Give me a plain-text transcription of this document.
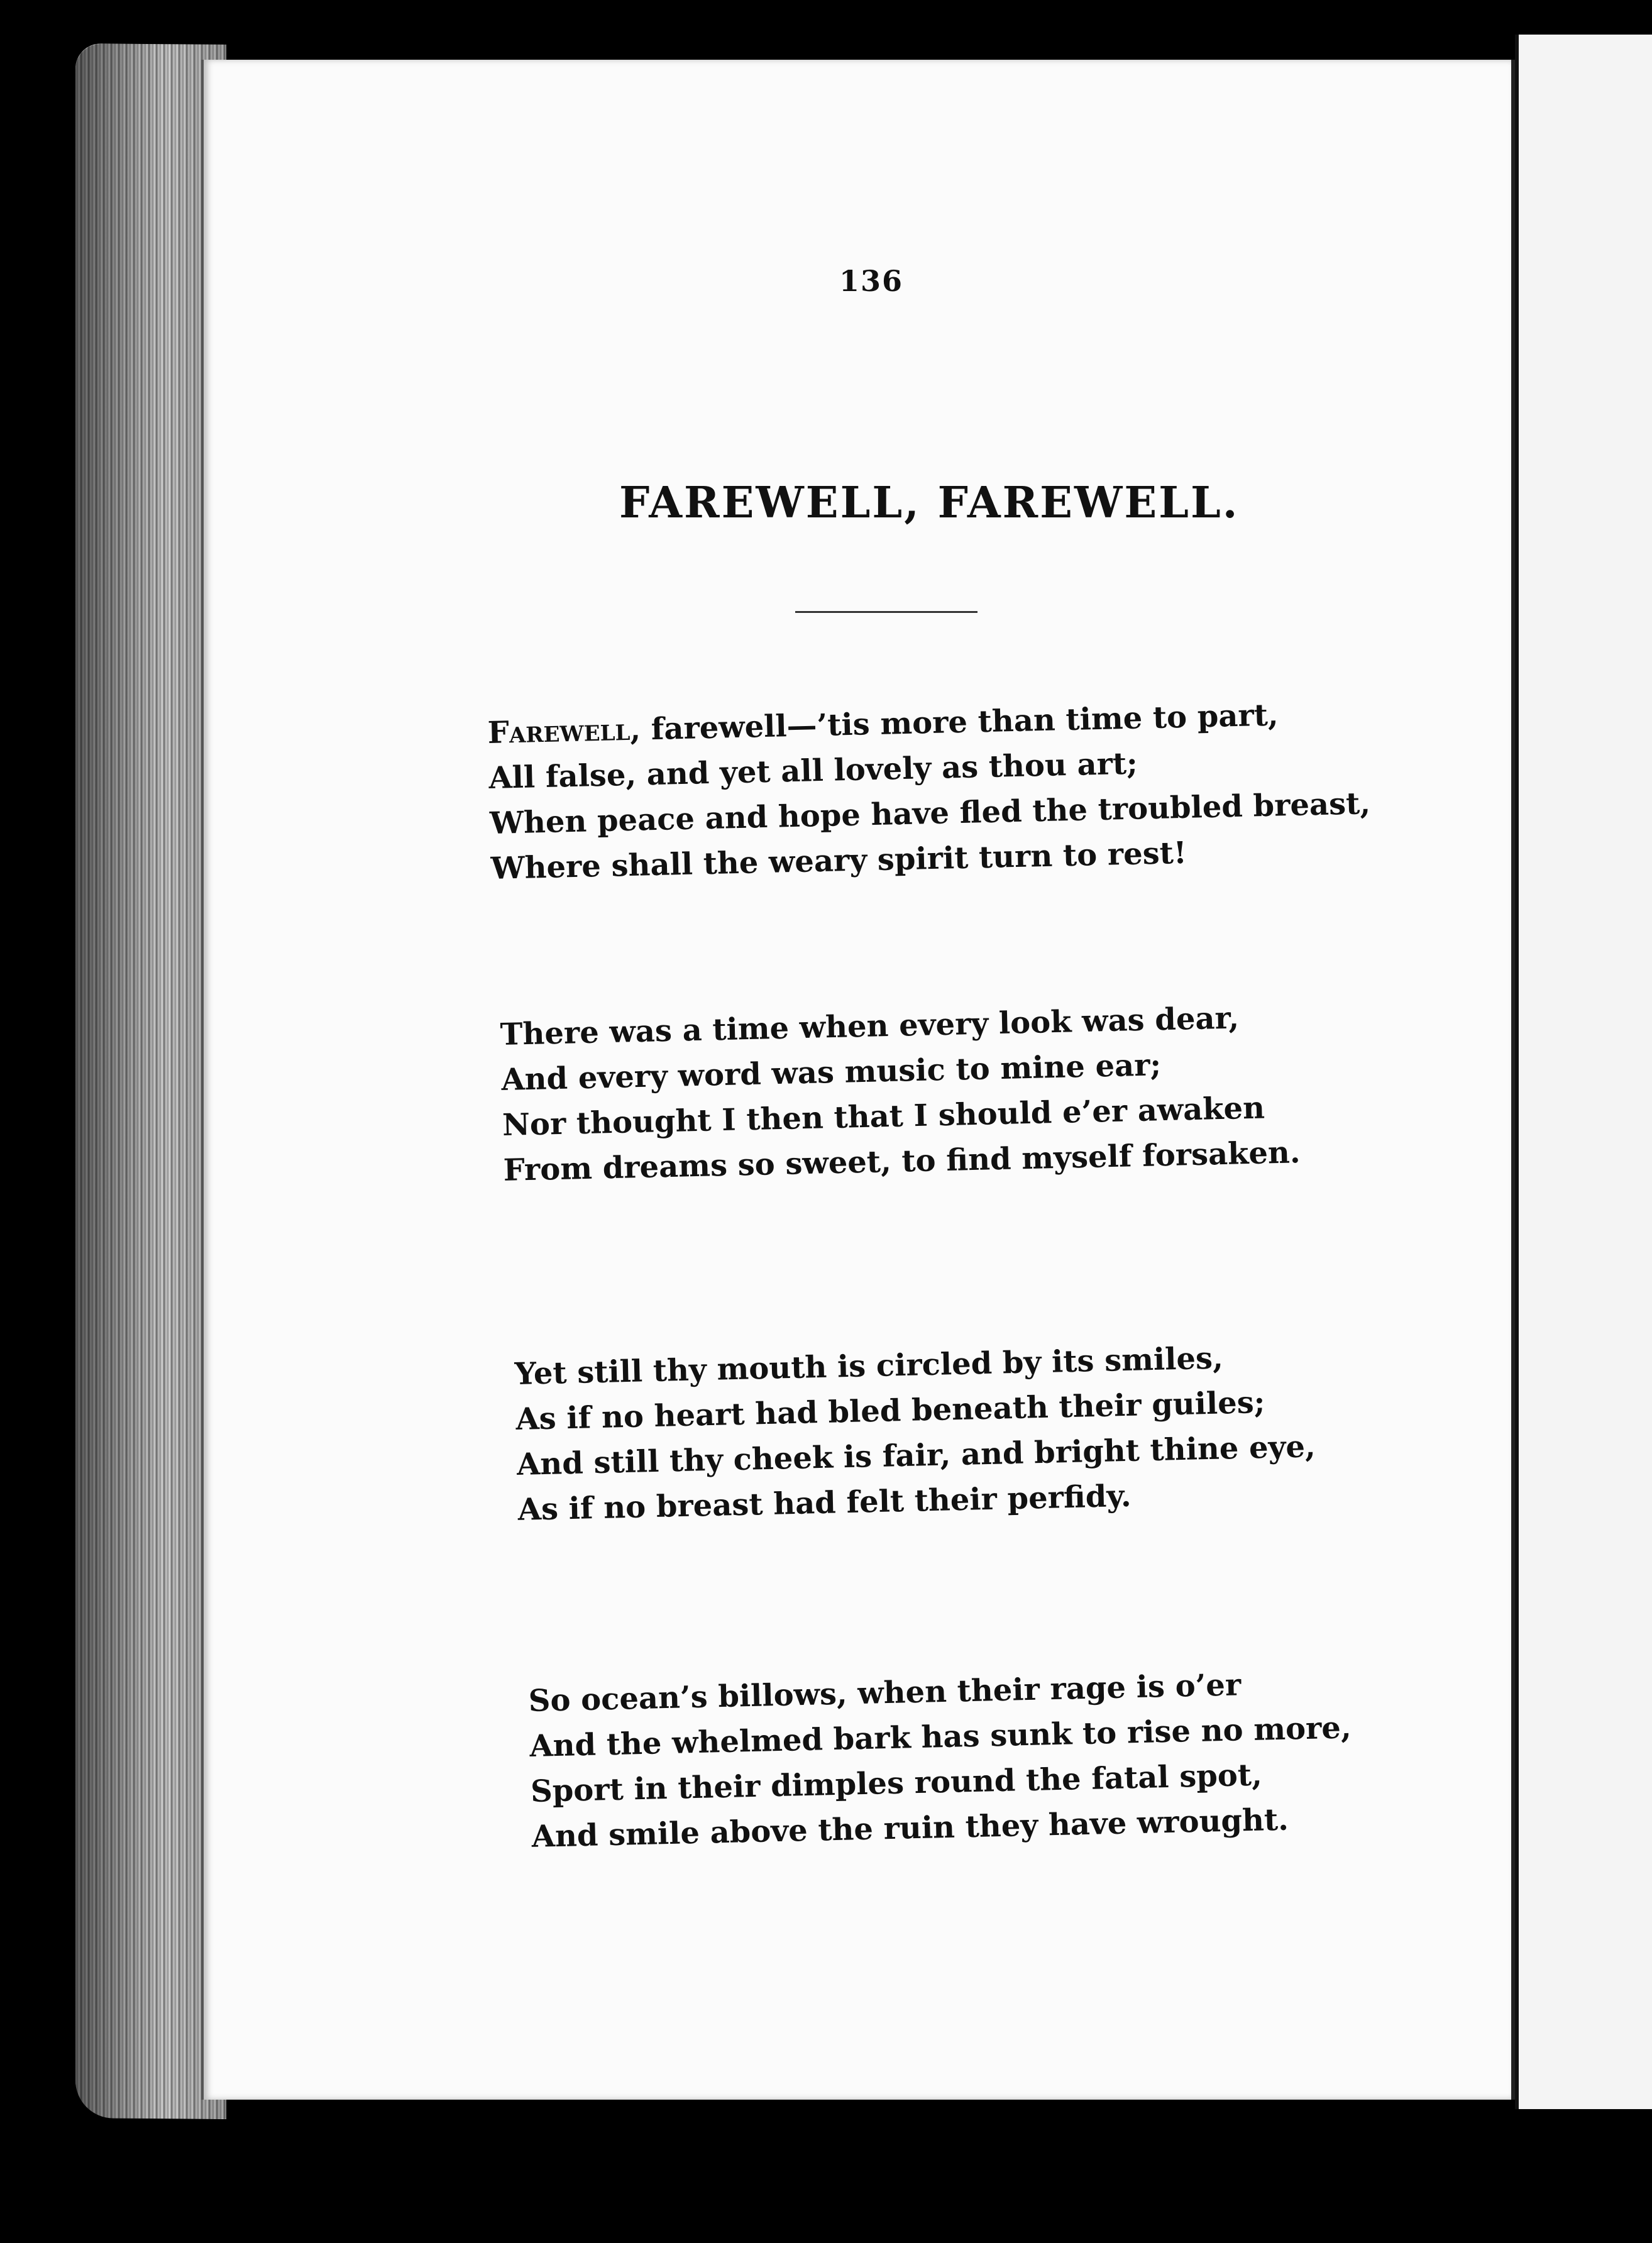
136
FAREWELL, FAREWELL.
Farewell, farewell—’tis more than time to part,
All false, and yet all lovely as thou art;
When peace and hope have fled the troubled breast,
Where shall the weary spirit turn to rest!
There was a time when every look was dear,
And every word was music to mine ear;
Nor thought I then that I should e’er awaken
From dreams so sweet, to find myself forsaken.
Yet still thy mouth is circled by its smiles,
As if no heart had bled beneath their guiles;
And still thy cheek is fair, and bright thine eye,
As if no breast had felt their perfidy.
So ocean’s billows, when their rage is o’er
And the whelmed bark has sunk to rise no more,
Sport in their dimples round the fatal spot,
And smile above the ruin they have wrought.
